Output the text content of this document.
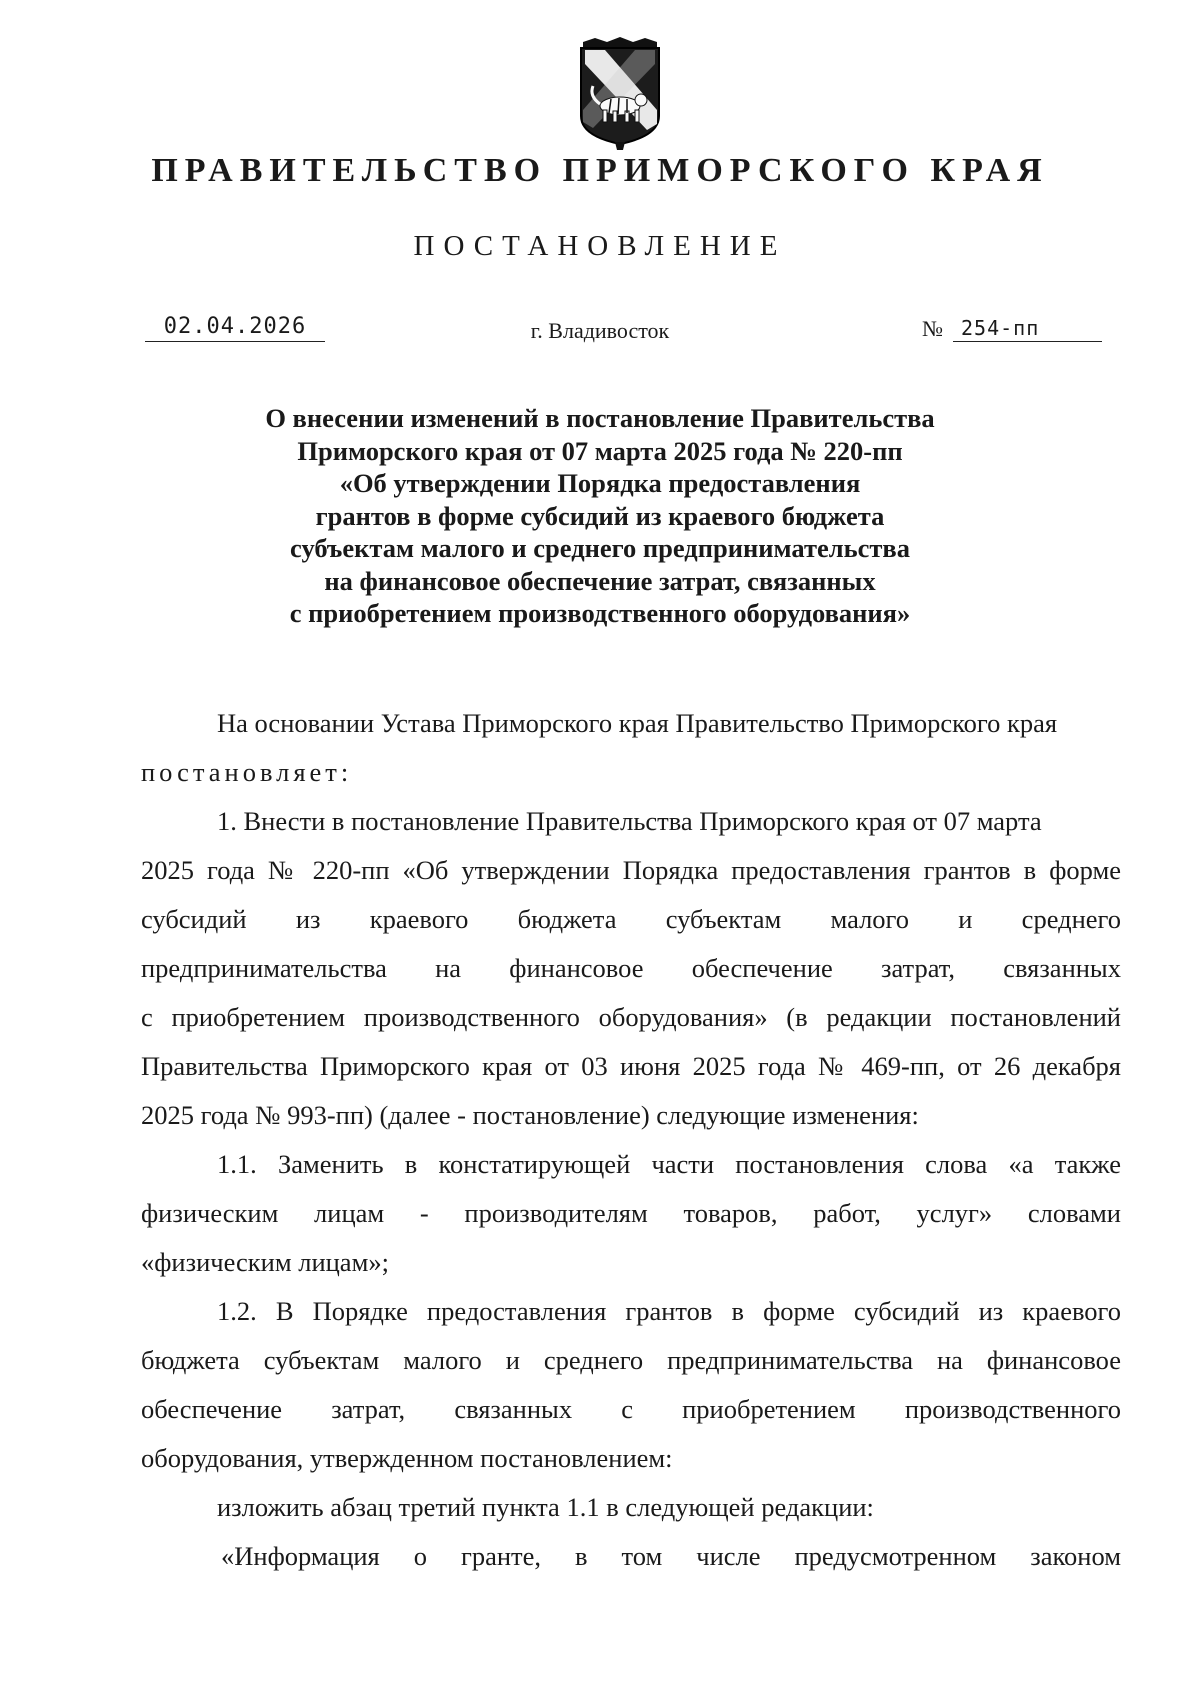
ПРАВИТЕЛЬСТВО ПРИМОРСКОГО КРАЯ
ПОСТАНОВЛЕНИЕ
02.04.2026	г. Владивосток	№ 254-пп
О внесении изменений в постановление Правительства
Приморского края от 07 марта 2025 года № 220-пп
«Об утверждении Порядка предоставления
грантов в форме субсидий из краевого бюджета
субъектам малого и среднего предпринимательства
на финансовое обеспечение затрат, связанных
с приобретением производственного оборудования»
На основании Устава Приморского края Правительство Приморского края
постановляет:
1. Внести в постановление Правительства Приморского края от 07 марта
2025 года № 220-пп «Об утверждении Порядка предоставления грантов в форме
субсидий из краевого бюджета субъектам малого и среднего
предпринимательства на финансовое обеспечение затрат, связанных
с приобретением производственного оборудования» (в редакции постановлений
Правительства Приморского края от 03 июня 2025 года № 469-пп, от 26 декабря
2025 года № 993-пп) (далее - постановление) следующие изменения:
1.1. Заменить в констатирующей части постановления слова «а также
физическим лицам - производителям товаров, работ, услуг» словами
«физическим лицам»;
1.2. В Порядке предоставления грантов в форме субсидий из краевого
бюджета субъектам малого и среднего предпринимательства на финансовое
обеспечение затрат, связанных с приобретением производственного
оборудования, утвержденном постановлением:
изложить абзац третий пункта 1.1 в следующей редакции:
«Информация о гранте, в том числе предусмотренном законом
